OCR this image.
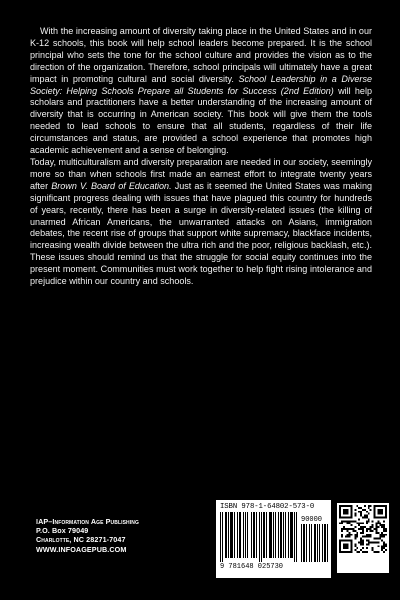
With the increasing amount of diversity taking place in the United States and in our K-12 schools, this book will help school leaders become prepared. It is the school principal who sets the tone for the school culture and provides the vision as to the direction of the organization. Therefore, school principals will ultimately have a great impact in promoting cultural and social diversity. School Leadership in a Diverse Society: Helping Schools Prepare all Students for Success (2nd Edition) will help scholars and practitioners have a better understanding of the increasing amount of diversity that is occurring in American society. This book will give them the tools needed to lead schools to ensure that all students, regardless of their life circumstances and status, are provided a school experience that promotes high academic achievement and a sense of belonging.

Today, multiculturalism and diversity preparation are needed in our society, seemingly more so than when schools first made an earnest effort to integrate twenty years after Brown V. Board of Education. Just as it seemed the United States was making significant progress dealing with issues that have plagued this country for hundreds of years, recently, there has been a surge in diversity-related issues (the killing of unarmed African Americans, the unwarranted attacks on Asians, immigration debates, the recent rise of groups that support white supremacy, blackface incidents, increasing wealth divide between the ultra rich and the poor, religious backlash, etc.). These issues should remind us that the struggle for social equity continues into the present moment. Communities must work together to help fight rising intolerance and prejudice within our country and schools.

IAP–Information Age Publishing
P.O. Box 79049
Charlotte, NC 28271-7047
WWW.INFOAGEPUB.COM
ISBN 978-1-64802-573-0
90000
9 781648 025730
